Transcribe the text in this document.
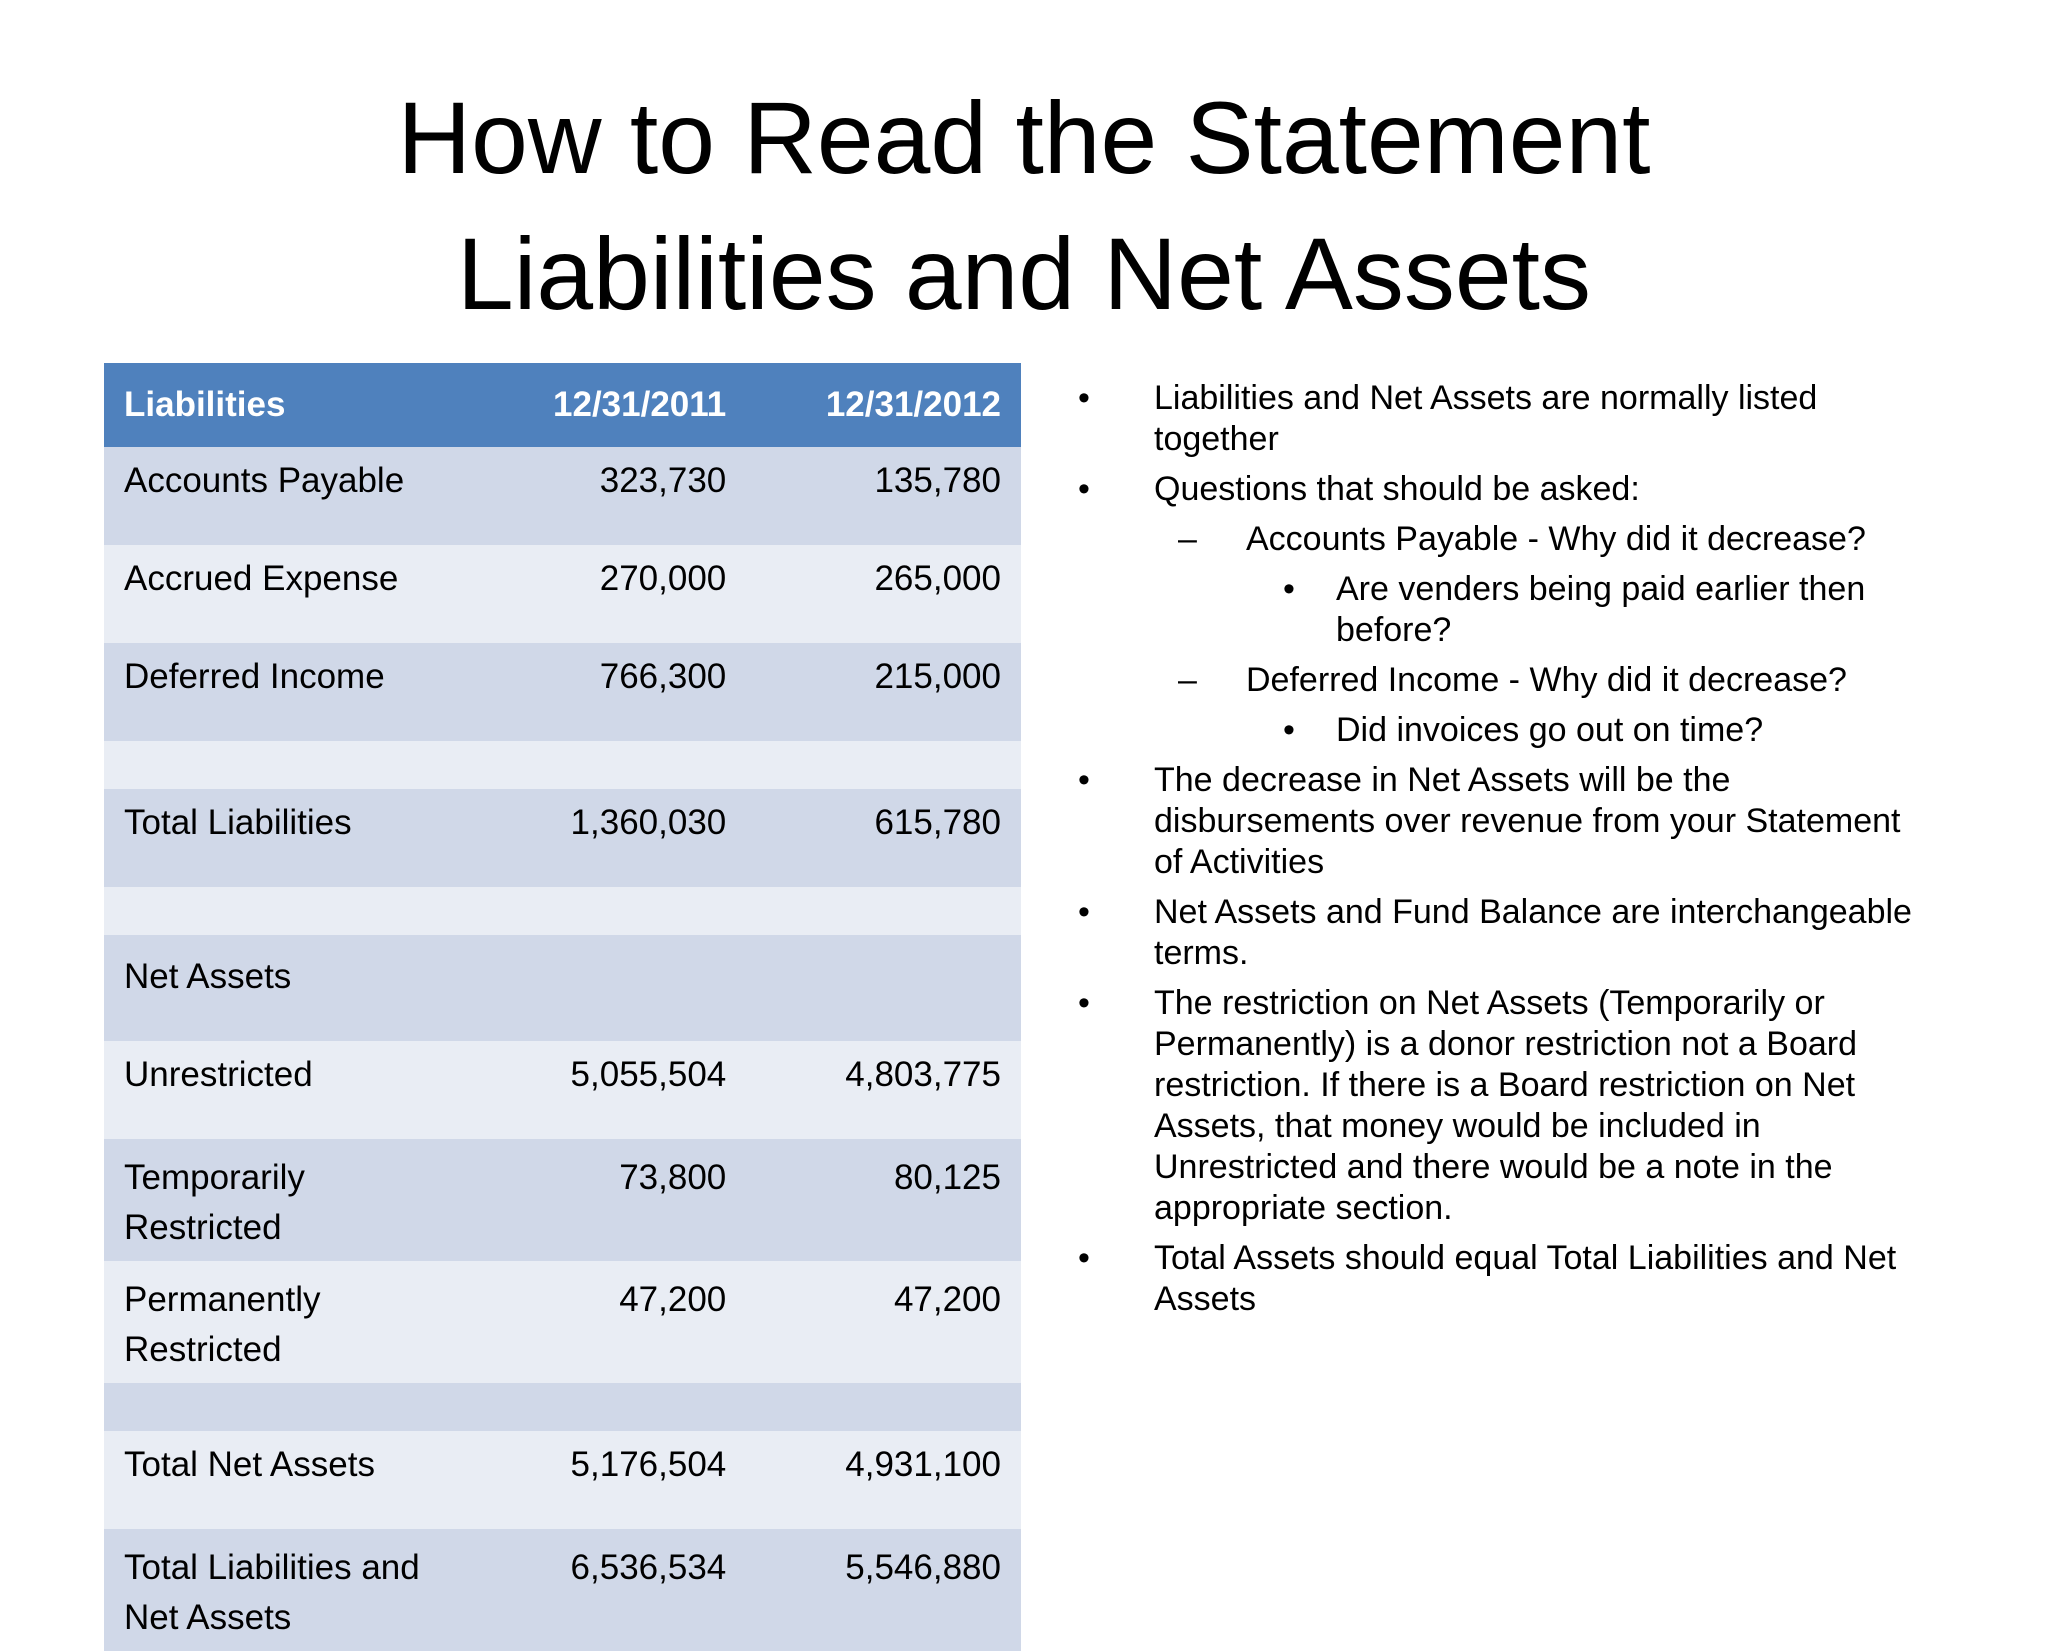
How to Read the Statement
Liabilities and Net Assets
Liabilities	12/31/2011	12/31/2012
Accounts Payable	323,730	135,780
Accrued Expense	270,000	265,000
Deferred Income	766,300	215,000

Total Liabilities	1,360,030	615,780

Net Assets		
Unrestricted	5,055,504	4,803,775
Temporarily Restricted	73,800	80,125
Permanently Restricted	47,200	47,200

Total Net Assets	5,176,504	4,931,100
Total Liabilities and Net Assets	6,536,534	5,546,880
• Liabilities and Net Assets are normally listed together
• Questions that should be asked:
– Accounts Payable - Why did it decrease?
• Are venders being paid earlier then before?
– Deferred Income - Why did it decrease?
• Did invoices go out on time?
• The decrease in Net Assets will be the disbursements over revenue from your Statement of Activities
• Net Assets and Fund Balance are interchangeable terms.
• The restriction on Net Assets (Temporarily or Permanently) is a donor restriction not a Board restriction. If there is a Board restriction on Net Assets, that money would be included in Unrestricted and there would be a note in the appropriate section.
• Total Assets should equal Total Liabilities and Net Assets
